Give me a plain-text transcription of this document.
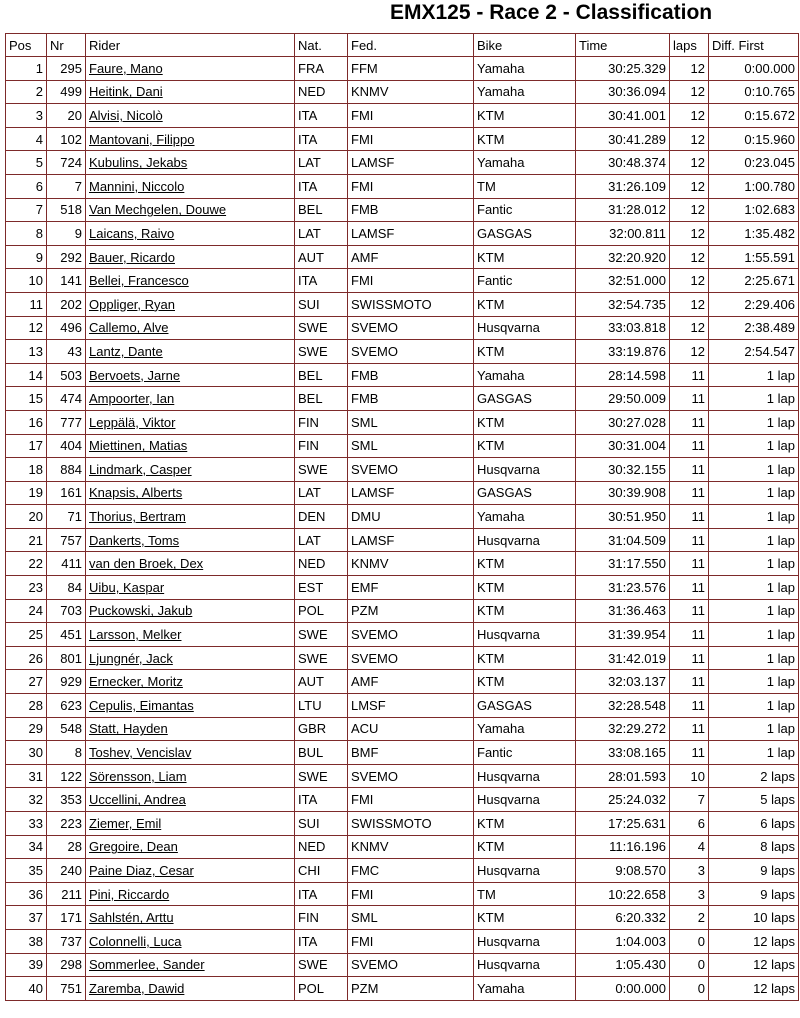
EMX125 - Race 2 - Classification
Pos	Nr	Rider	Nat.	Fed.	Bike	Time	laps	Diff. First
1	295	Faure, Mano	FRA	FFM	Yamaha	30:25.329	12	0:00.000
2	499	Heitink, Dani	NED	KNMV	Yamaha	30:36.094	12	0:10.765
3	20	Alvisi, Nicolò	ITA	FMI	KTM	30:41.001	12	0:15.672
4	102	Mantovani, Filippo	ITA	FMI	KTM	30:41.289	12	0:15.960
5	724	Kubulins, Jekabs	LAT	LAMSF	Yamaha	30:48.374	12	0:23.045
6	7	Mannini, Niccolo	ITA	FMI	TM	31:26.109	12	1:00.780
7	518	Van Mechgelen, Douwe	BEL	FMB	Fantic	31:28.012	12	1:02.683
8	9	Laicans, Raivo	LAT	LAMSF	GASGAS	32:00.811	12	1:35.482
9	292	Bauer, Ricardo	AUT	AMF	KTM	32:20.920	12	1:55.591
10	141	Bellei, Francesco	ITA	FMI	Fantic	32:51.000	12	2:25.671
11	202	Oppliger, Ryan	SUI	SWISSMOTO	KTM	32:54.735	12	2:29.406
12	496	Callemo, Alve	SWE	SVEMO	Husqvarna	33:03.818	12	2:38.489
13	43	Lantz, Dante	SWE	SVEMO	KTM	33:19.876	12	2:54.547
14	503	Bervoets, Jarne	BEL	FMB	Yamaha	28:14.598	11	1 lap
15	474	Ampoorter, Ian	BEL	FMB	GASGAS	29:50.009	11	1 lap
16	777	Leppälä, Viktor	FIN	SML	KTM	30:27.028	11	1 lap
17	404	Miettinen, Matias	FIN	SML	KTM	30:31.004	11	1 lap
18	884	Lindmark, Casper	SWE	SVEMO	Husqvarna	30:32.155	11	1 lap
19	161	Knapsis, Alberts	LAT	LAMSF	GASGAS	30:39.908	11	1 lap
20	71	Thorius, Bertram	DEN	DMU	Yamaha	30:51.950	11	1 lap
21	757	Dankerts, Toms	LAT	LAMSF	Husqvarna	31:04.509	11	1 lap
22	411	van den Broek, Dex	NED	KNMV	KTM	31:17.550	11	1 lap
23	84	Uibu, Kaspar	EST	EMF	KTM	31:23.576	11	1 lap
24	703	Puckowski, Jakub	POL	PZM	KTM	31:36.463	11	1 lap
25	451	Larsson, Melker	SWE	SVEMO	Husqvarna	31:39.954	11	1 lap
26	801	Ljungnér, Jack	SWE	SVEMO	KTM	31:42.019	11	1 lap
27	929	Ernecker, Moritz	AUT	AMF	KTM	32:03.137	11	1 lap
28	623	Cepulis, Eimantas	LTU	LMSF	GASGAS	32:28.548	11	1 lap
29	548	Statt, Hayden	GBR	ACU	Yamaha	32:29.272	11	1 lap
30	8	Toshev, Vencislav	BUL	BMF	Fantic	33:08.165	11	1 lap
31	122	Sörensson, Liam	SWE	SVEMO	Husqvarna	28:01.593	10	2 laps
32	353	Uccellini, Andrea	ITA	FMI	Husqvarna	25:24.032	7	5 laps
33	223	Ziemer, Emil	SUI	SWISSMOTO	KTM	17:25.631	6	6 laps
34	28	Gregoire, Dean	NED	KNMV	KTM	11:16.196	4	8 laps
35	240	Paine Diaz, Cesar	CHI	FMC	Husqvarna	9:08.570	3	9 laps
36	211	Pini, Riccardo	ITA	FMI	TM	10:22.658	3	9 laps
37	171	Sahlstén, Arttu	FIN	SML	KTM	6:20.332	2	10 laps
38	737	Colonnelli, Luca	ITA	FMI	Husqvarna	1:04.003	0	12 laps
39	298	Sommerlee, Sander	SWE	SVEMO	Husqvarna	1:05.430	0	12 laps
40	751	Zaremba, Dawid	POL	PZM	Yamaha	0:00.000	0	12 laps
